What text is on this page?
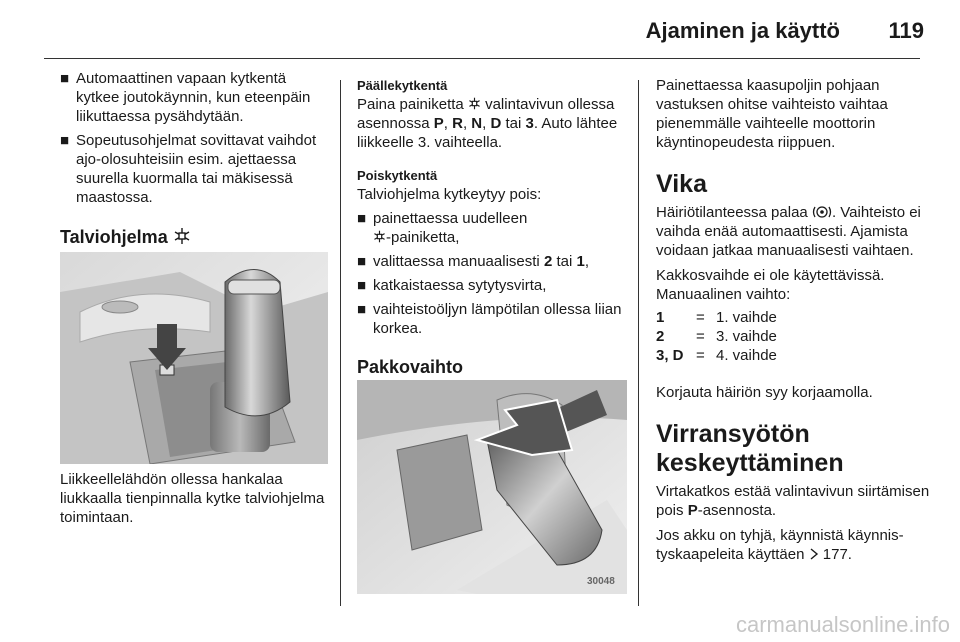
Ajaminen ja käyttö	119
■ Automaattinen vapaan kytkentä kytkee joutokäynnin, kun eteenpäin liikuttaessa pysähdytään.

■ Sopeutusohjelmat sovittavat vaihdot ajo-olosuhteisiin esim. ajettaessa suurella kuormalla tai mäkisessä maastossa.

Talviohjelma

Liikkeellelähdön ollessa hankalaa liukkaalla tienpinnalla kytke talviohjelma toimintaan.

Päällekytkentä

Paina painiketta valintavivun ollessa asennossa P, R, N, D tai 3. Auto lähtee liikkeelle 3. vaihteella.

Poiskytkentä

Talviohjelma kytkeytyy pois:

■ painettaessa uudelleen
-painiketta,

■ valittaessa manuaalisesti 2 tai 1,

■ katkaistaessa sytytysvirta,

■ vaihteistoöljyn lämpötilan ollessa liian korkea.

Pakkovaihto
30048

Painettaessa kaasupoljin pohjaan vastuksen ohitse vaihteisto vaihtaa pienemmälle vaihteelle moottorin käyntinopeudesta riippuen.

Vika

Häiriötilanteessa palaa . Vaihteisto ei vaihda enää automaattisesti. Ajamista voidaan jatkaa manuaalisesti vaihtaen.

Kakkosvaihde ei ole käytettävissä. Manuaalinen vaihto:

1	= 1. vaihde
2	= 3. vaihde
3, D = 4. vaihde

Korjauta häiriön syy korjaamolla.

Virransyötön
keskeyttäminen

Virtakatkos estää valintavivun siirtämisen pois P-asennosta.

Jos akku on tyhjä, käynnistä käynnistyskaapeleita käyttäen 177.

carmanualsonline.info
